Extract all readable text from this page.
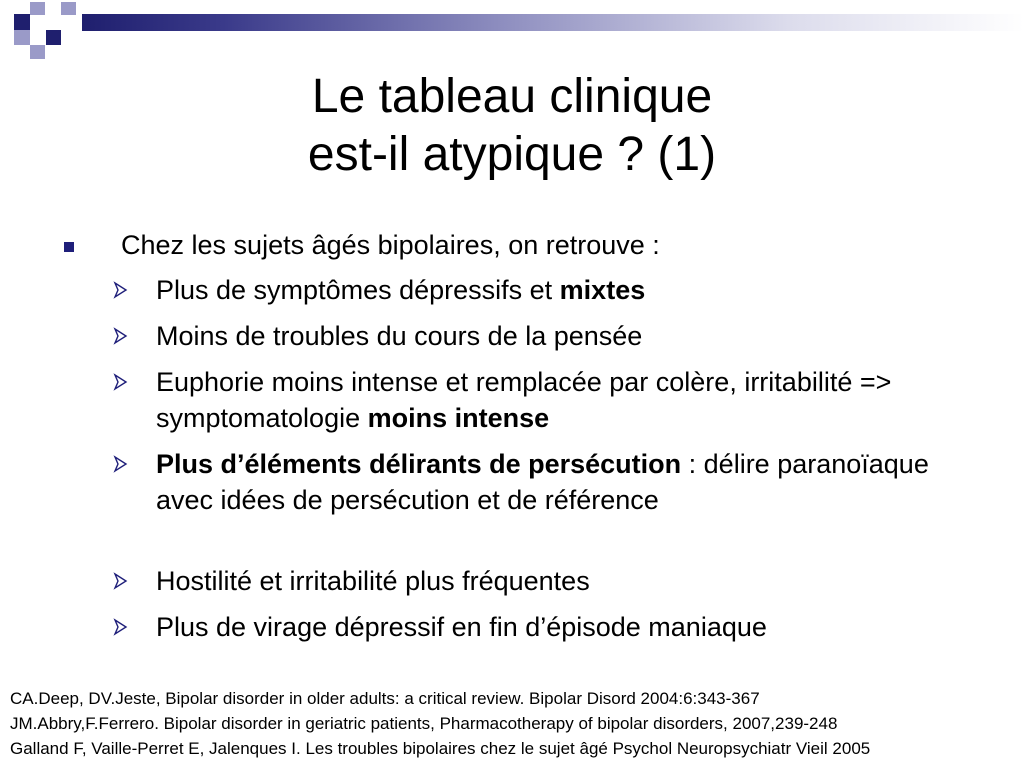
Le tableau clinique
est-il atypique ? (1)
Chez les sujets âgés bipolaires, on retrouve :
Plus de symptômes dépressifs et mixtes
Moins de troubles du cours de la pensée
Euphorie moins intense et remplacée par colère, irritabilité => symptomatologie moins intense
Plus d’éléments délirants de persécution : délire paranoïaque avec idées de persécution et de référence
Hostilité et irritabilité plus fréquentes
Plus de virage dépressif en fin d’épisode maniaque
CA.Deep, DV.Jeste, Bipolar disorder in older adults: a critical review. Bipolar Disord 2004:6:343-367
JM.Abbry,F.Ferrero. Bipolar disorder in geriatric patients, Pharmacotherapy of bipolar disorders, 2007,239-248
Galland F, Vaille-Perret E, Jalenques I. Les troubles bipolaires chez le sujet âgé Psychol Neuropsychiatr Vieil 2005
